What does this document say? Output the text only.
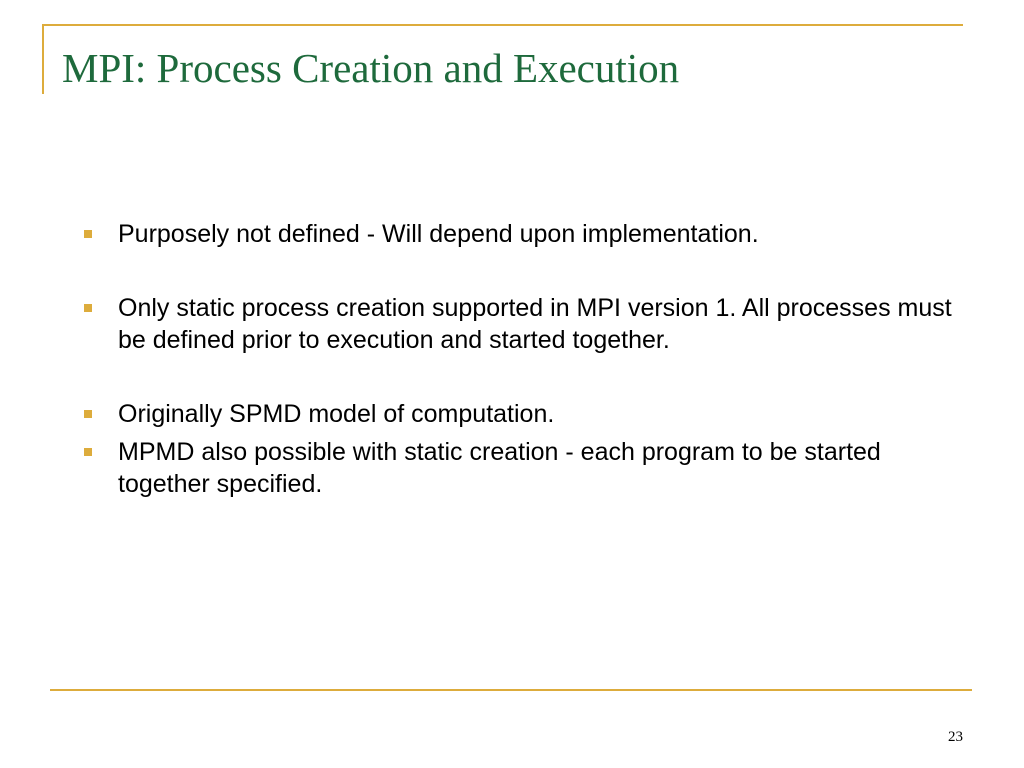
MPI: Process Creation and Execution
Purposely not defined - Will depend upon implementation.
Only static process creation supported in MPI version 1. All processes must be defined prior to execution and started together.
Originally SPMD model of computation.
MPMD also possible with static creation - each program to be started together specified.
23
